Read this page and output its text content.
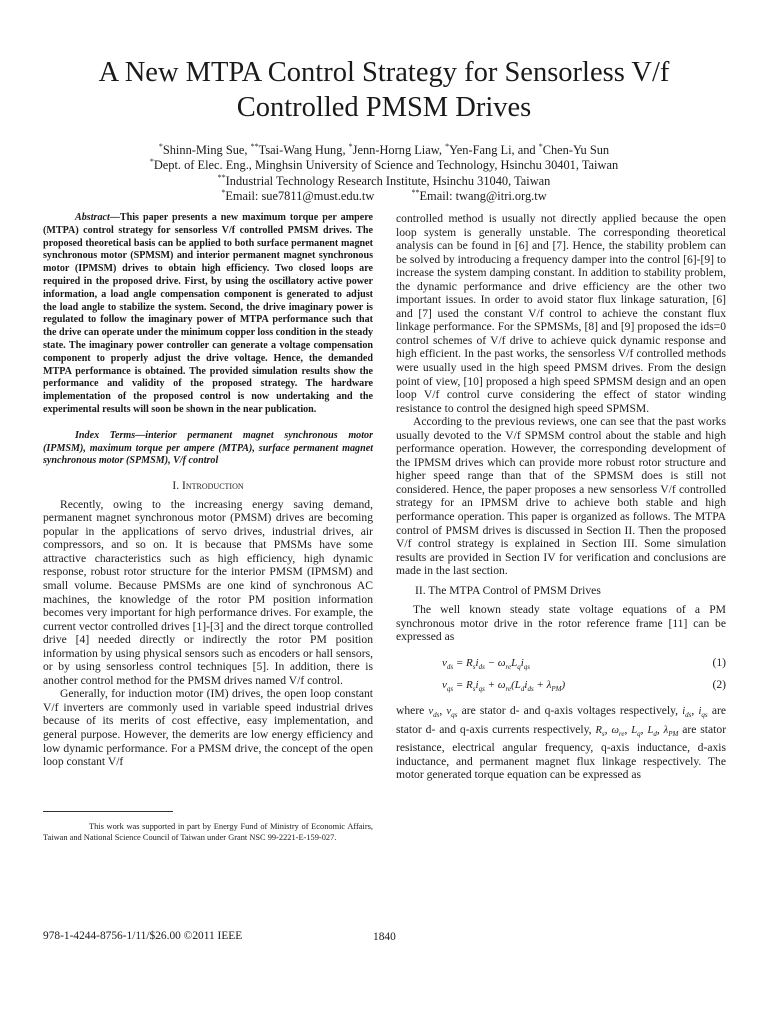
A New MTPA Control Strategy for Sensorless V/f
Controlled PMSM Drives
*Shinn-Ming Sue, **Tsai-Wang Hung, *Jenn-Horng Liaw, *Yen-Fang Li, and *Chen-Yu Sun
*Dept. of Elec. Eng., Minghsin University of Science and Technology, Hsinchu 30401, Taiwan
**Industrial Technology Research Institute, Hsinchu 31040, Taiwan
*Email: sue7811@must.edu.tw	**Email: twang@itri.org.tw

Abstract—This paper presents a new maximum torque per ampere (MTPA) control strategy for sensorless V/f controlled PMSM drives. The proposed theoretical basis can be applied to both surface permanent magnet synchronous motor (SPMSM) and interior permanent magnet synchronous motor (IPMSM) drives to obtain high efficiency. Two closed loops are required in the proposed drive. First, by using the oscillatory active power information, a load angle compensation component is generated to adjust the load angle to stabilize the system. Second, the drive imaginary power is regulated to follow the imaginary power of MTPA performance such that the drive can operate under the minimum copper loss condition in the steady state. The imaginary power controller can generate a voltage compensation component to properly adjust the drive voltage. Hence, the demanded MTPA performance is obtained. The provided simulation results show the performance and validity of the proposed strategy. The hardware implementation of the proposed control is now undertaking and the experimental results will soon be shown in the near publication.

Index Terms—interior permanent magnet synchronous motor (IPMSM), maximum torque per ampere (MTPA), surface permanent magnet synchronous motor (SPMSM), V/f control

I. Introduction

Recently, owing to the increasing energy saving demand, permanent magnet synchronous motor (PMSM) drives are becoming popular in the applications of servo drives, industrial drives, air compressors, and so on. It is because that PMSMs have some attractive characteristics such as high efficiency, high dynamic response, robust rotor structure for the interior PMSM (IPMSM) and small volume. Because PMSMs are one kind of synchronous AC machines, the knowledge of the rotor PM position information becomes very important for high performance drives. For example, the current vector controlled drives [1]-[3] and the direct torque controlled drive [4] needed directly or indirectly the rotor PM position information by using physical sensors such as encoders or hall sensors, or by using sensorless control techniques [5]. In addition, there is another control method for the PMSM drives named V/f control.

Generally, for induction motor (IM) drives, the open loop constant V/f inverters are commonly used in variable speed industrial drives because of its merits of cost effective, easy implementation, and general purpose. However, the demerits are low energy efficiency and low dynamic performance. For a PMSM drive, the concept of the open loop constant V/f

This work was supported in part by Energy Fund of Ministry of Economic Affairs, Taiwan and National Science Council of Taiwan under Grant NSC 99-2221-E-159-027.

controlled method is usually not directly applied because the open loop system is generally unstable. The corresponding theoretical analysis can be found in [6] and [7]. Hence, the stability problem can be solved by introducing a frequency damper into the control [6]-[9] to increase the system damping constant. In addition to stability problem, the dynamic performance and drive efficiency are the other two important issues. In order to avoid stator flux linkage saturation, [6] and [7] used the constant V/f control to achieve the constant flux linkage performance. For the SPMSMs, [8] and [9] proposed the ids=0 control schemes of V/f drive to achieve quick dynamic response and high efficient. In the past works, the sensorless V/f controlled methods were usually used in the high speed PMSM drives. From the design point of view, [10] proposed a high speed SPMSM design and an open loop V/f control curve considering the effect of stator winding resistance to control the designed high speed SPMSM.

According to the previous reviews, one can see that the past works usually devoted to the V/f SPMSM control about the stable and high performance operation. However, the corresponding development of the IPMSM drives which can provide more robust rotor structure and higher speed range than that of the SPMSM does is still not considered. Hence, the paper proposes a new sensorless V/f controlled strategy for an IPMSM drive to achieve both stable and high performance operation. This paper is organized as follows. The MTPA control of PMSM drives is discussed in Section II. Then the proposed V/f control strategy is explained in Section III. Some simulation results are provided in Section IV for verification and conclusions are made in the last section.

II. The MTPA Control of PMSM Drives

The well known steady state voltage equations of a PM synchronous motor drive in the rotor reference frame [11] can be expressed as

$v_{ds} = R_si_{ds} - \omega_{re}L_qi_{qs}$	(1)
$v_{qs} = R_si_{qs} + \omega_{re}(L_di_{ds} + \lambda_{PM})$	(2)

where $v_{ds}$, $v_{qs}$ are stator d- and q-axis voltages respectively, $i_{ds}$, $i_{qs}$ are stator d- and q-axis currents respectively, $R_s$, $\omega_{re}$, $L_q$, $L_d$, $\lambda_{PM}$ are stator resistance, electrical angular frequency, q-axis inductance, d-axis inductance, and permanent magnet flux linkage respectively. The motor generated torque equation can be expressed as

978-1-4244-8756-1/11/$26.00 ©2011 IEEE	1840
